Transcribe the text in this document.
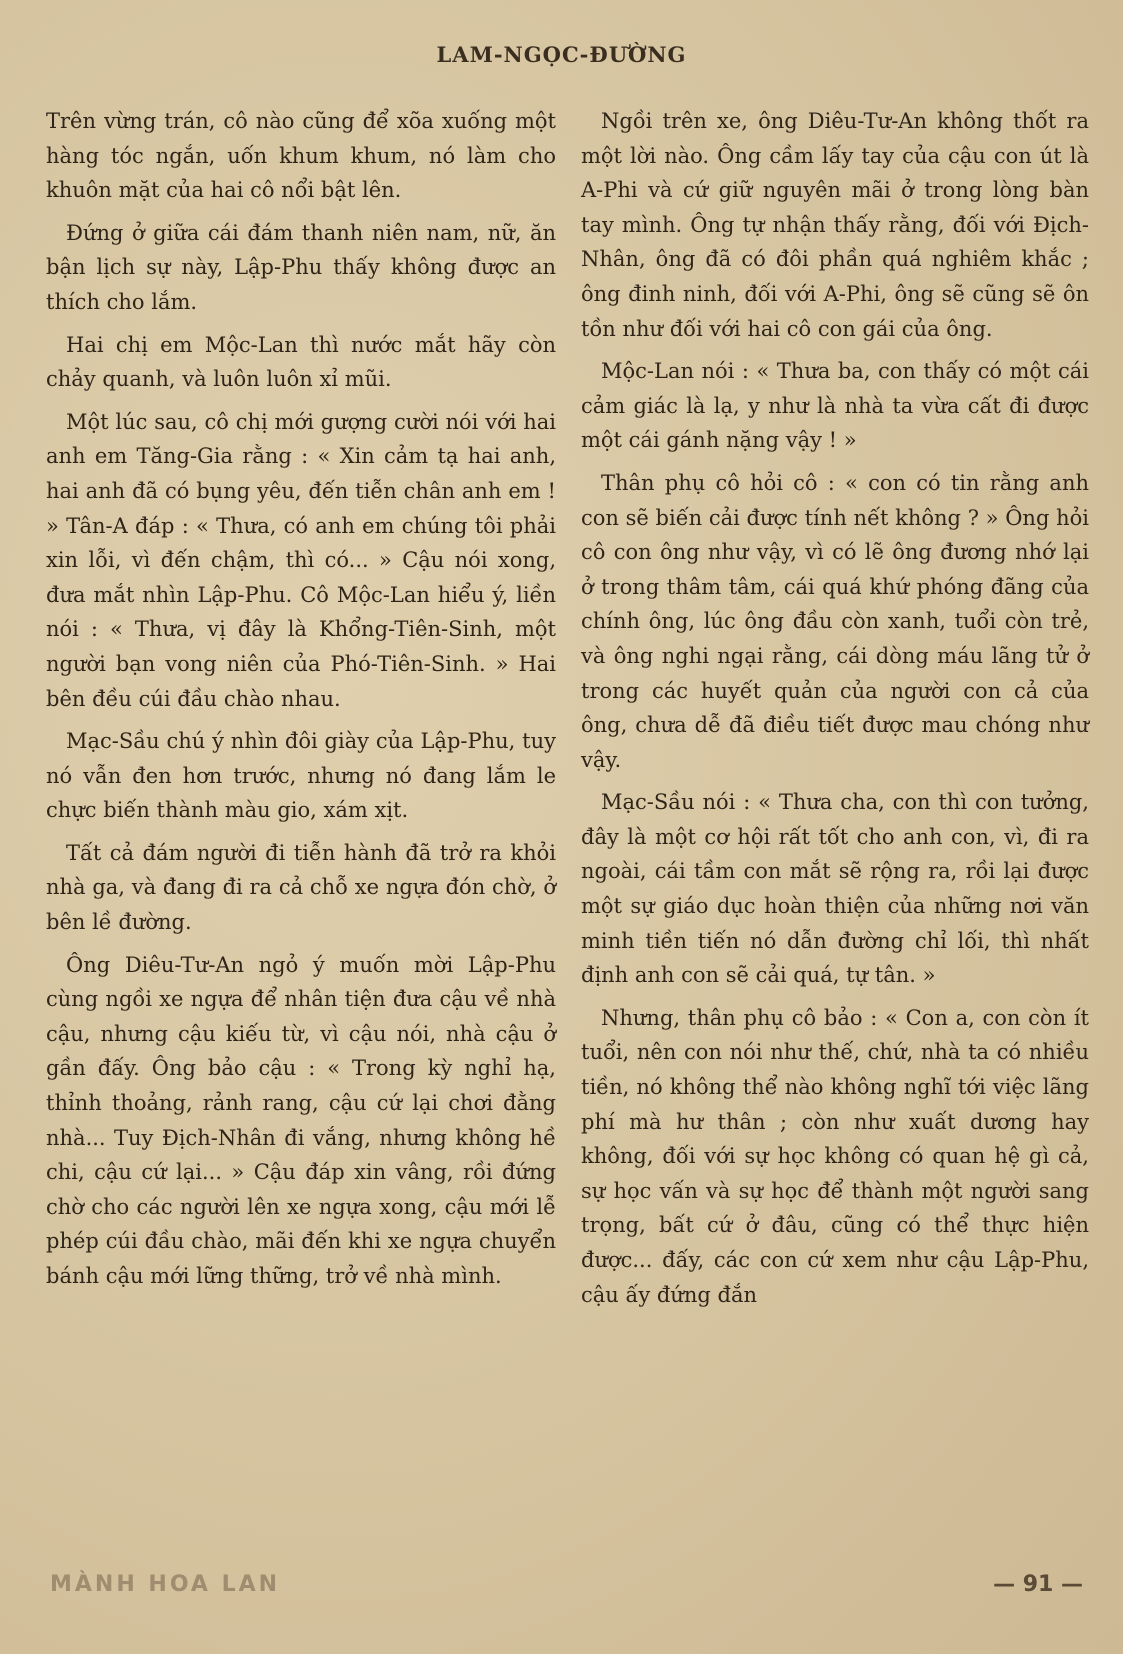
LAM-NGỌC-ĐƯỜNG

Trên vừng trán, cô nào cũng để xõa xuống một hàng tóc ngắn, uốn khum khum, nó làm cho khuôn mặt của hai cô nổi bật lên.

Đứng ở giữa cái đám thanh niên nam, nữ, ăn bận lịch sự này, Lập-Phu thấy không được an thích cho lắm.

Hai chị em Mộc-Lan thì nước mắt hãy còn chảy quanh, và luôn luôn xỉ mũi.

Một lúc sau, cô chị mới gượng cười nói với hai anh em Tăng-Gia rằng : « Xin cảm tạ hai anh, hai anh đã có bụng yêu, đến tiễn chân anh em ! » Tân-A đáp : « Thưa, có anh em chúng tôi phải xin lỗi, vì đến chậm, thì có... » Cậu nói xong, đưa mắt nhìn Lập-Phu. Cô Mộc-Lan hiểu ý, liền nói : « Thưa, vị đây là Khổng-Tiên-Sinh, một người bạn vong niên của Phó-Tiên-Sinh. » Hai bên đều cúi đầu chào nhau.

Mạc-Sầu chú ý nhìn đôi giày của Lập-Phu, tuy nó vẫn đen hơn trước, nhưng nó đang lắm le chực biến thành màu gio, xám xịt.

Tất cả đám người đi tiễn hành đã trở ra khỏi nhà ga, và đang đi ra cả chỗ xe ngựa đón chờ, ở bên lề đường.

Ông Diêu-Tư-An ngỏ ý muốn mời Lập-Phu cùng ngồi xe ngựa để nhân tiện đưa cậu về nhà cậu, nhưng cậu kiếu từ, vì cậu nói, nhà cậu ở gần đấy. Ông bảo cậu : « Trong kỳ nghỉ hạ, thỉnh thoảng, rảnh rang, cậu cứ lại chơi đằng nhà... Tuy Địch-Nhân đi vắng, nhưng không hề chi, cậu cứ lại... » Cậu đáp xin vâng, rồi đứng chờ cho các người lên xe ngựa xong, cậu mới lễ phép cúi đầu chào, mãi đến khi xe ngựa chuyển bánh cậu mới lững thững, trở về nhà mình.

Ngồi trên xe, ông Diêu-Tư-An không thốt ra một lời nào. Ông cầm lấy tay của cậu con út là A-Phi và cứ giữ nguyên mãi ở trong lòng bàn tay mình. Ông tự nhận thấy rằng, đối với Địch-Nhân, ông đã có đôi phần quá nghiêm khắc ; ông đinh ninh, đối với A-Phi, ông sẽ cũng sẽ ôn tồn như đối với hai cô con gái của ông.

Mộc-Lan nói : « Thưa ba, con thấy có một cái cảm giác là lạ, y như là nhà ta vừa cất đi được một cái gánh nặng vậy ! »

Thân phụ cô hỏi cô : « con có tin rằng anh con sẽ biến cải được tính nết không ? » Ông hỏi cô con ông như vậy, vì có lẽ ông đương nhớ lại ở trong thâm tâm, cái quá khứ phóng đãng của chính ông, lúc ông đầu còn xanh, tuổi còn trẻ, và ông nghi ngại rằng, cái dòng máu lãng tử ở trong các huyết quản của người con cả của ông, chưa dễ đã điều tiết được mau chóng như vậy.

Mạc-Sầu nói : « Thưa cha, con thì con tưởng, đây là một cơ hội rất tốt cho anh con, vì, đi ra ngoài, cái tầm con mắt sẽ rộng ra, rồi lại được một sự giáo dục hoàn thiện của những nơi văn minh tiền tiến nó dẫn đường chỉ lối, thì nhất định anh con sẽ cải quá, tự tân. »

Nhưng, thân phụ cô bảo : « Con a, con còn ít tuổi, nên con nói như thế, chứ, nhà ta có nhiều tiền, nó không thể nào không nghĩ tới việc lãng phí mà hư thân ; còn như xuất dương hay không, đối với sự học không có quan hệ gì cả, sự học vấn và sự học để thành một người sang trọng, bất cứ ở đâu, cũng có thể thực hiện được... đấy, các con cứ xem như cậu Lập-Phu, cậu ấy đứng đắn

MÀNH HOA LAN	— 91 —
